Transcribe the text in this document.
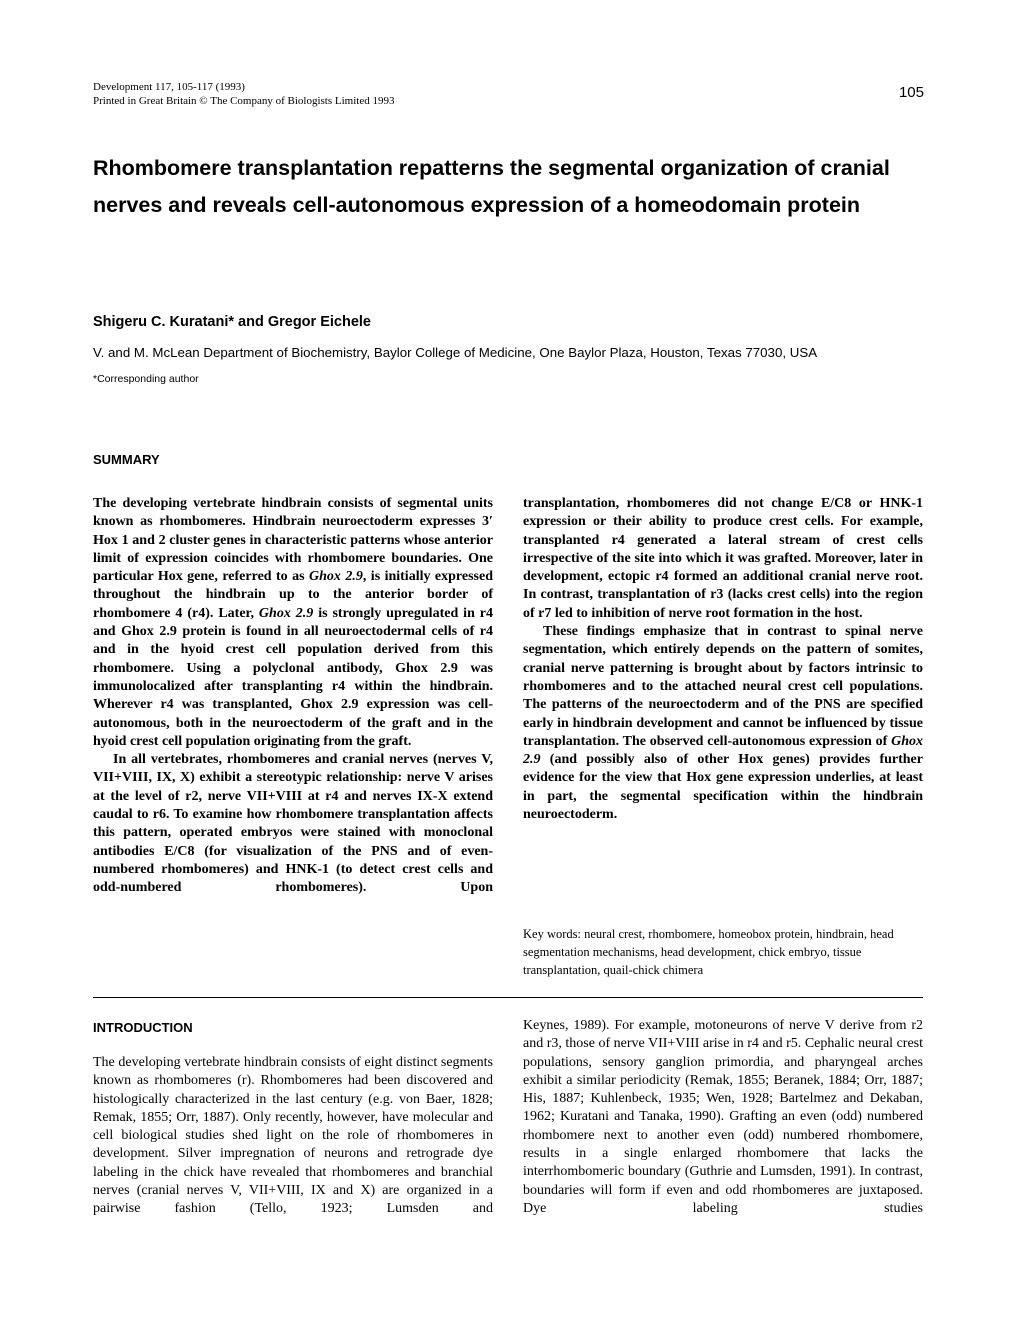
Development 117, 105-117 (1993)
Printed in Great Britain © The Company of Biologists Limited 1993	105
Rhombomere transplantation repatterns the segmental organization of cranial nerves and reveals cell-autonomous expression of a homeodomain protein
Shigeru C. Kuratani* and Gregor Eichele
V. and M. McLean Department of Biochemistry, Baylor College of Medicine, One Baylor Plaza, Houston, Texas 77030, USA
*Corresponding author
SUMMARY

The developing vertebrate hindbrain consists of segmental units known as rhombomeres. Hindbrain neuroectoderm expresses 3′ Hox 1 and 2 cluster genes in characteristic patterns whose anterior limit of expression coincides with rhombomere boundaries. One particular Hox gene, referred to as Ghox 2.9, is initially expressed throughout the hindbrain up to the anterior border of rhombomere 4 (r4). Later, Ghox 2.9 is strongly upregulated in r4 and Ghox 2.9 protein is found in all neuroectodermal cells of r4 and in the hyoid crest cell population derived from this rhombomere. Using a polyclonal antibody, Ghox 2.9 was immunolocalized after transplanting r4 within the hindbrain. Wherever r4 was transplanted, Ghox 2.9 expression was cell-autonomous, both in the neuroectoderm of the graft and in the hyoid crest cell population originating from the graft.

In all vertebrates, rhombomeres and cranial nerves (nerves V, VII+VIII, IX, X) exhibit a stereotypic relationship: nerve V arises at the level of r2, nerve VII+VIII at r4 and nerves IX-X extend caudal to r6. To examine how rhombomere transplantation affects this pattern, operated embryos were stained with monoclonal antibodies E/C8 (for visualization of the PNS and of even-numbered rhombomeres) and HNK-1 (to detect crest cells and odd-numbered rhombomeres). Upon

transplantation, rhombomeres did not change E/C8 or HNK-1 expression or their ability to produce crest cells. For example, transplanted r4 generated a lateral stream of crest cells irrespective of the site into which it was grafted. Moreover, later in development, ectopic r4 formed an additional cranial nerve root. In contrast, transplantation of r3 (lacks crest cells) into the region of r7 led to inhibition of nerve root formation in the host.

These findings emphasize that in contrast to spinal nerve segmentation, which entirely depends on the pattern of somites, cranial nerve patterning is brought about by factors intrinsic to rhombomeres and to the attached neural crest cell populations. The patterns of the neuroectoderm and of the PNS are specified early in hindbrain development and cannot be influenced by tissue transplantation. The observed cell-autonomous expression of Ghox 2.9 (and possibly also of other Hox genes) provides further evidence for the view that Hox gene expression underlies, at least in part, the segmental specification within the hindbrain neuroectoderm.

Key words: neural crest, rhombomere, homeobox protein, hindbrain, head segmentation mechanisms, head development, chick embryo, tissue transplantation, quail-chick chimera
INTRODUCTION

The developing vertebrate hindbrain consists of eight distinct segments known as rhombomeres (r). Rhombomeres had been discovered and histologically characterized in the last century (e.g. von Baer, 1828; Remak, 1855; Orr, 1887). Only recently, however, have molecular and cell biological studies shed light on the role of rhombomeres in development. Silver impregnation of neurons and retrograde dye labeling in the chick have revealed that rhombomeres and branchial nerves (cranial nerves V, VII+VIII, IX and X) are organized in a pairwise fashion (Tello, 1923; Lumsden and

Keynes, 1989). For example, motoneurons of nerve V derive from r2 and r3, those of nerve VII+VIII arise in r4 and r5. Cephalic neural crest populations, sensory ganglion primordia, and pharyngeal arches exhibit a similar periodicity (Remak, 1855; Beranek, 1884; Orr, 1887; His, 1887; Kuhlenbeck, 1935; Wen, 1928; Bartelmez and Dekaban, 1962; Kuratani and Tanaka, 1990). Grafting an even (odd) numbered rhombomere next to another even (odd) numbered rhombomere, results in a single enlarged rhombomere that lacks the interrhombomeric boundary (Guthrie and Lumsden, 1991). In contrast, boundaries will form if even and odd rhombomeres are juxtaposed. Dye labeling studies
